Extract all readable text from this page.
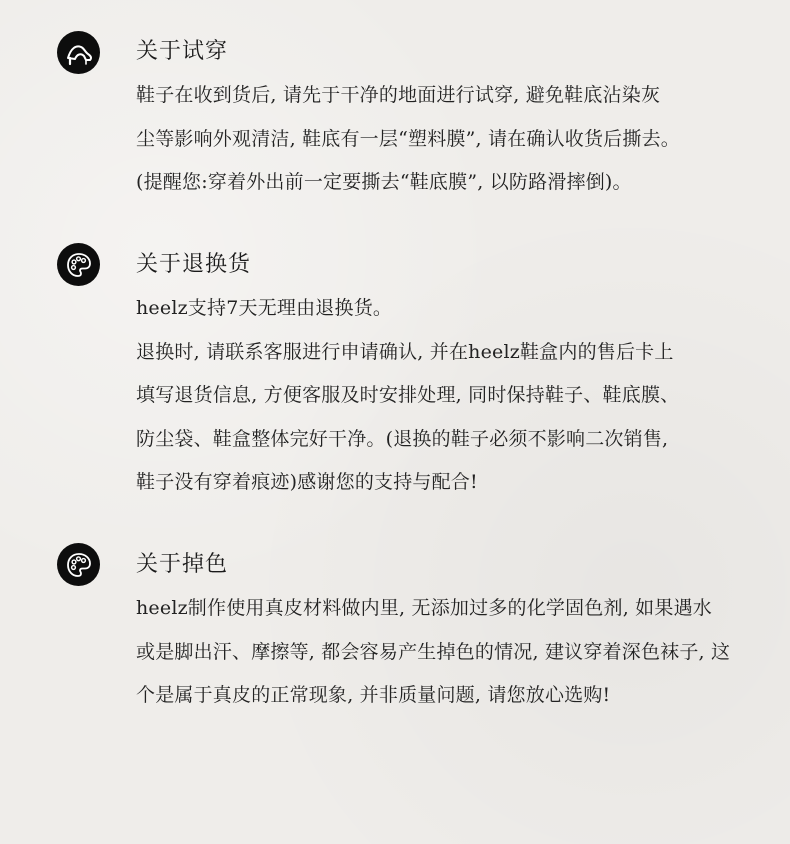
关于试穿
鞋子在收到货后, 请先于干净的地面进行试穿, 避免鞋底沾染灰
尘等影响外观清洁, 鞋底有一层“塑料膜”, 请在确认收货后撕去。
(提醒您:穿着外出前一定要撕去“鞋底膜”, 以防路滑摔倒)。
关于退换货
heelz支持7天无理由退换货。
退换时, 请联系客服进行申请确认, 并在heelz鞋盒内的售后卡上
填写退货信息, 方便客服及时安排处理, 同时保持鞋子、鞋底膜、
防尘袋、鞋盒整体完好干净。(退换的鞋子必须不影响二次销售,
鞋子没有穿着痕迹)感谢您的支持与配合!
关于掉色
heelz制作使用真皮材料做内里, 无添加过多的化学固色剂, 如果遇水
或是脚出汗、摩擦等, 都会容易产生掉色的情况, 建议穿着深色袜子, 这
个是属于真皮的正常现象, 并非质量问题, 请您放心选购!
